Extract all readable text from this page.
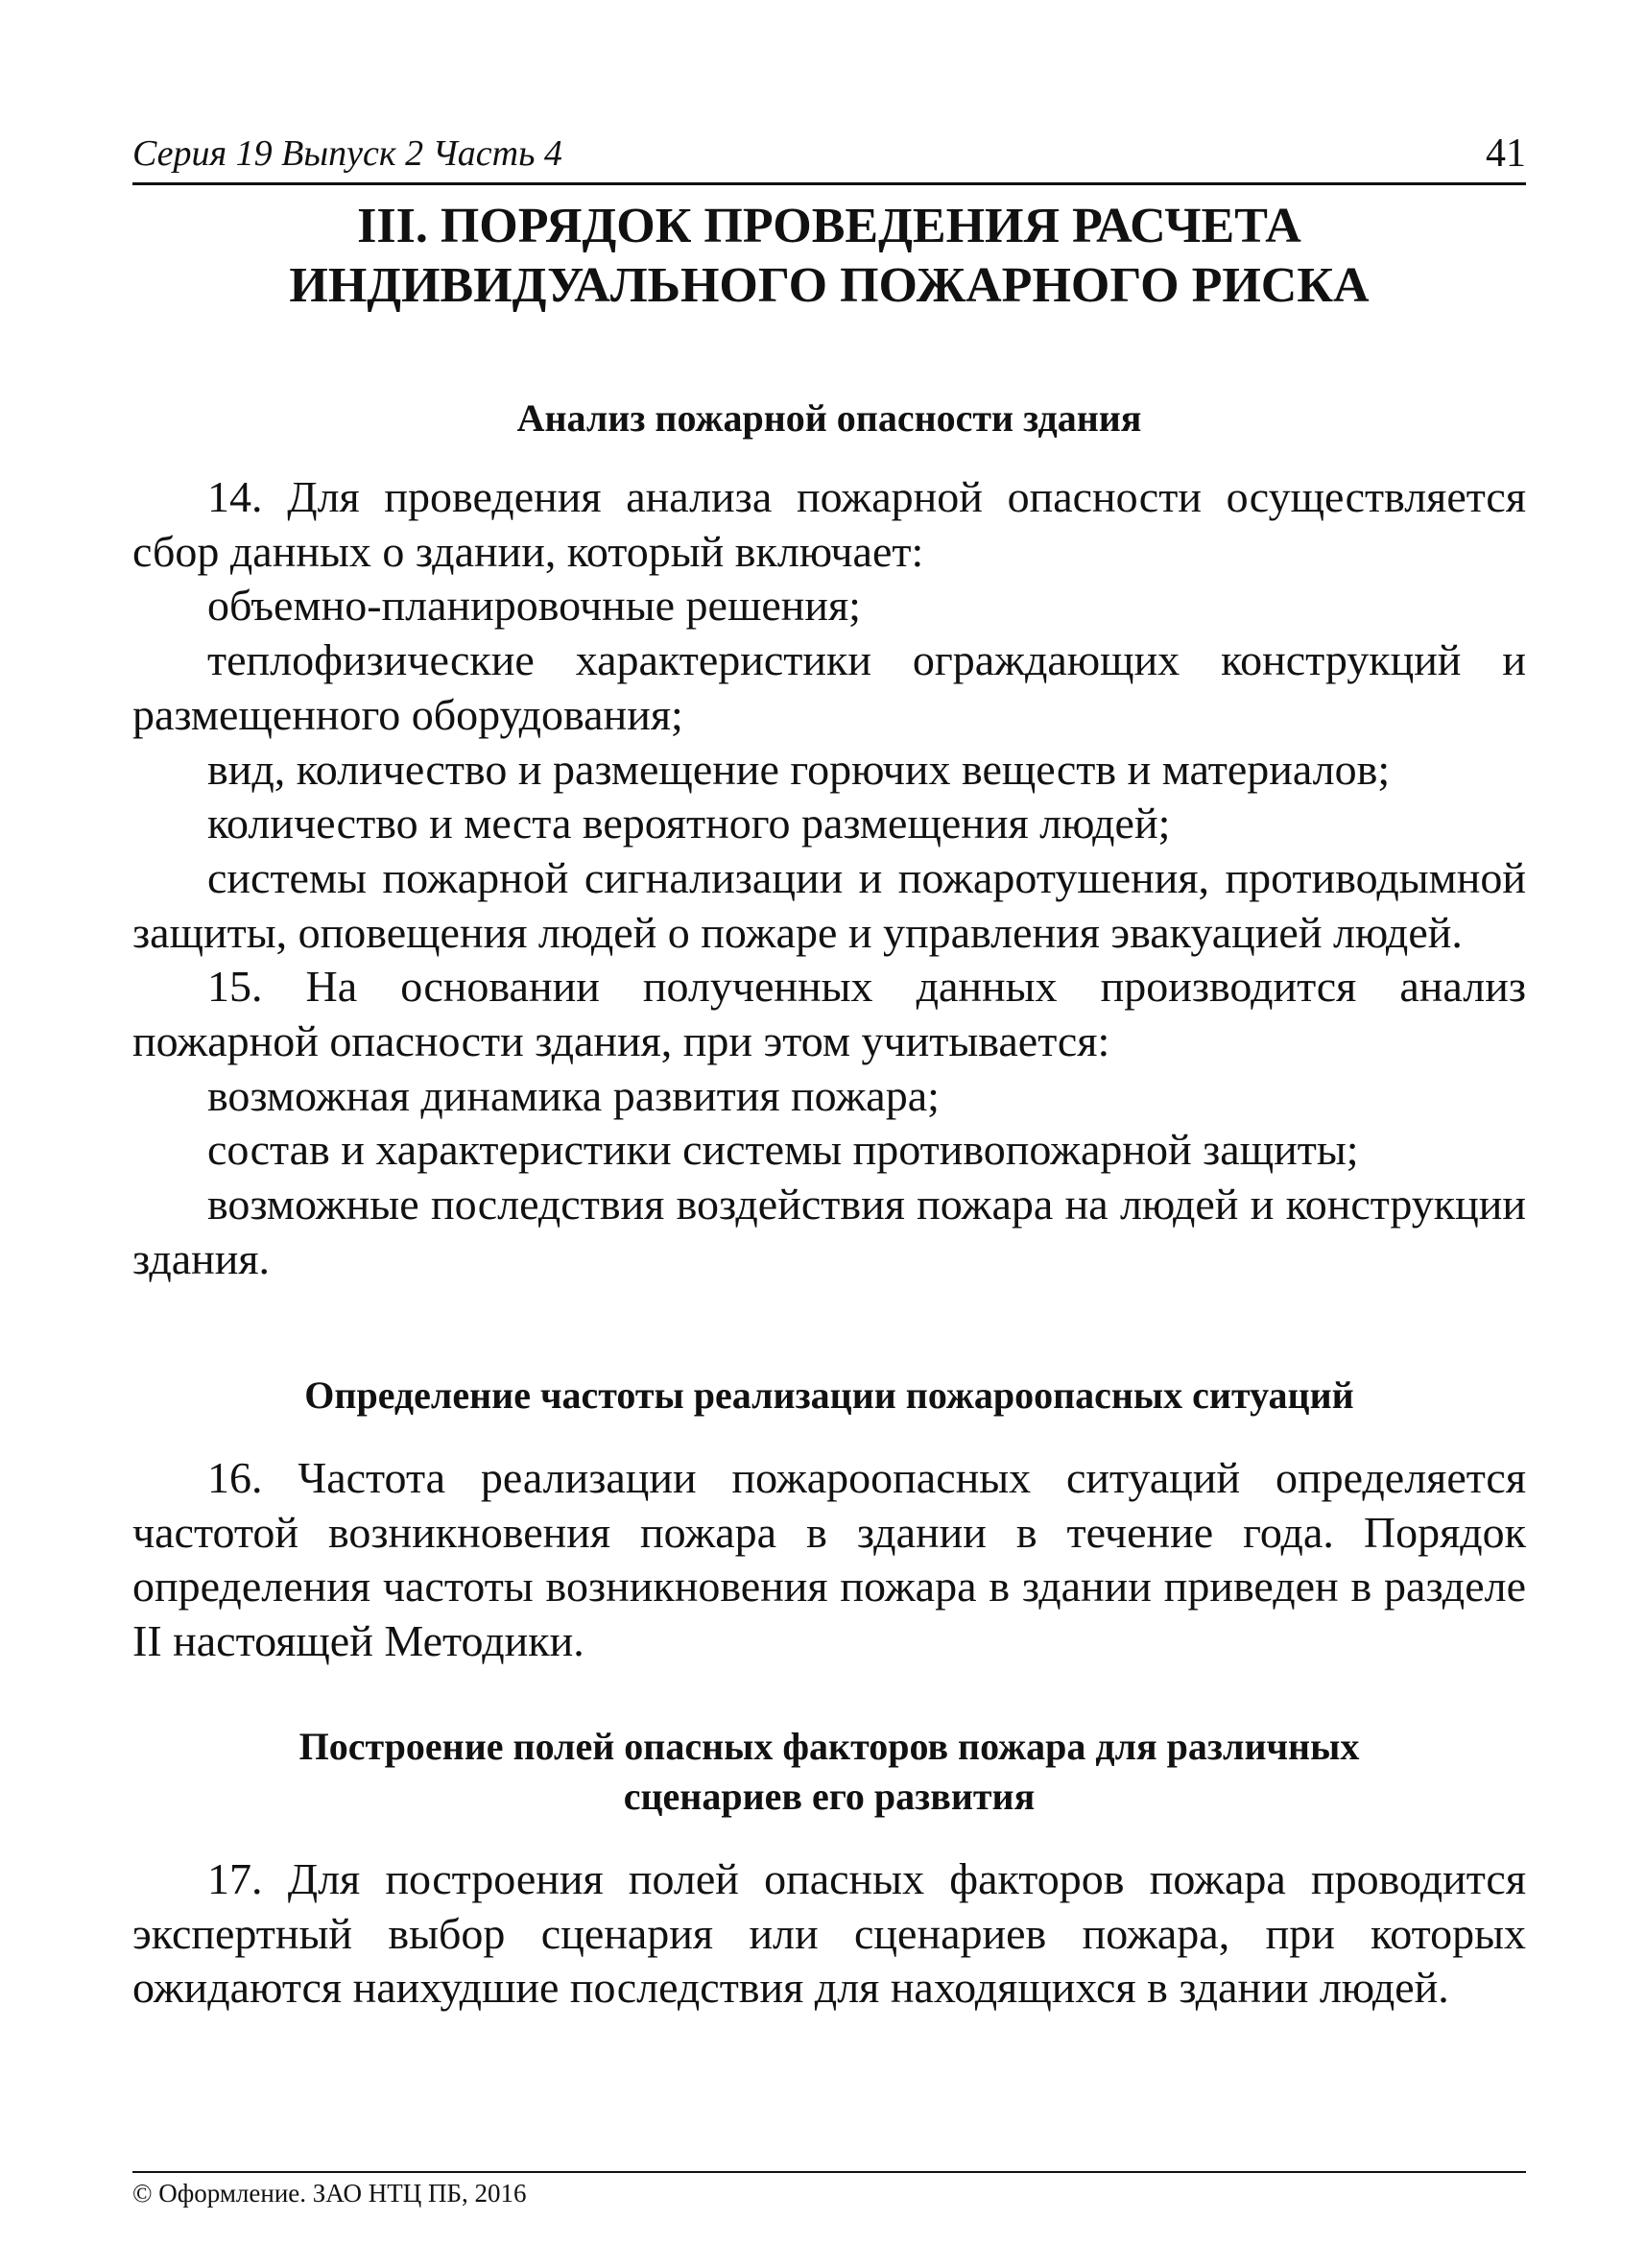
Серия 19 Выпуск 2 Часть 4	41
III. ПОРЯДОК ПРОВЕДЕНИЯ РАСЧЕТА
ИНДИВИДУАЛЬНОГО ПОЖАРНОГО РИСКА
Анализ пожарной опасности здания

14. Для проведения анализа пожарной опасности осуществляется сбор данных о здании, который включает:

объемно-планировочные решения;

теплофизические характеристики ограждающих конструкций и размещенного оборудования;

вид, количество и размещение горючих веществ и материалов;

количество и места вероятного размещения людей;

системы пожарной сигнализации и пожаротушения, противодымной защиты, оповещения людей о пожаре и управления эвакуацией людей.

15. На основании полученных данных производится анализ пожарной опасности здания, при этом учитывается:

возможная динамика развития пожара;

состав и характеристики системы противопожарной защиты;

возможные последствия воздействия пожара на людей и конструкции здания.

Определение частоты реализации пожароопасных ситуаций

16. Частота реализации пожароопасных ситуаций определяется частотой возникновения пожара в здании в течение года. Порядок определения частоты возникновения пожара в здании приведен в разделе II настоящей Методики.

Построение полей опасных факторов пожара для различных
сценариев его развития

17. Для построения полей опасных факторов пожара проводится экспертный выбор сценария или сценариев пожара, при которых ожидаются наихудшие последствия для находящихся в здании людей.

© Оформление. ЗАО НТЦ ПБ, 2016
